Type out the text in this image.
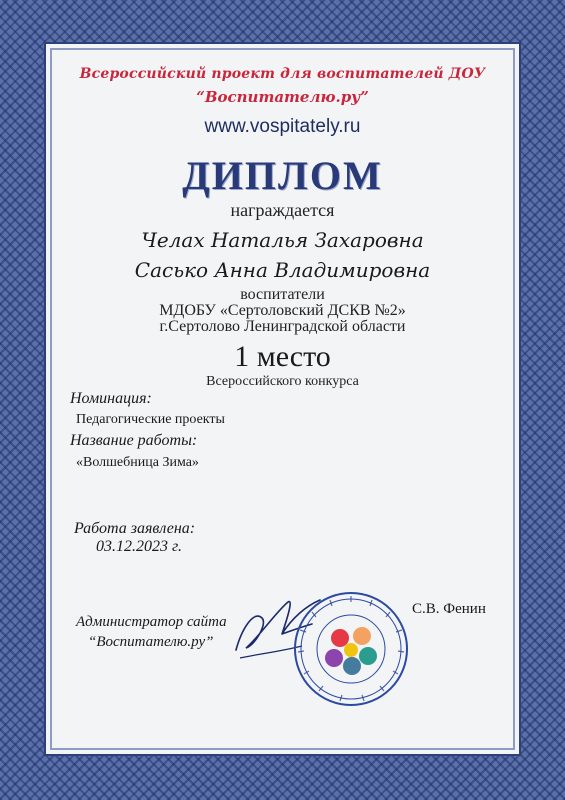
Всероссийский проект для воспитателей ДОУ
“Воспитателю.ру”
www.vospitately.ru
ДИПЛОМ
награждается
Челах Наталья Захаровна
Сасько Анна Владимировна
воспитатели
МДОБУ «Сертоловский ДСКВ №2»
г.Сертолово Ленинградской области
1 место
Всероссийского конкурса
Номинация:
Педагогические проекты
Название работы:
«Волшебница Зима»
Работа заявлена:
03.12.2023 г.
Администратор сайта
“Воспитателю.ру”
С.В. Фенин
